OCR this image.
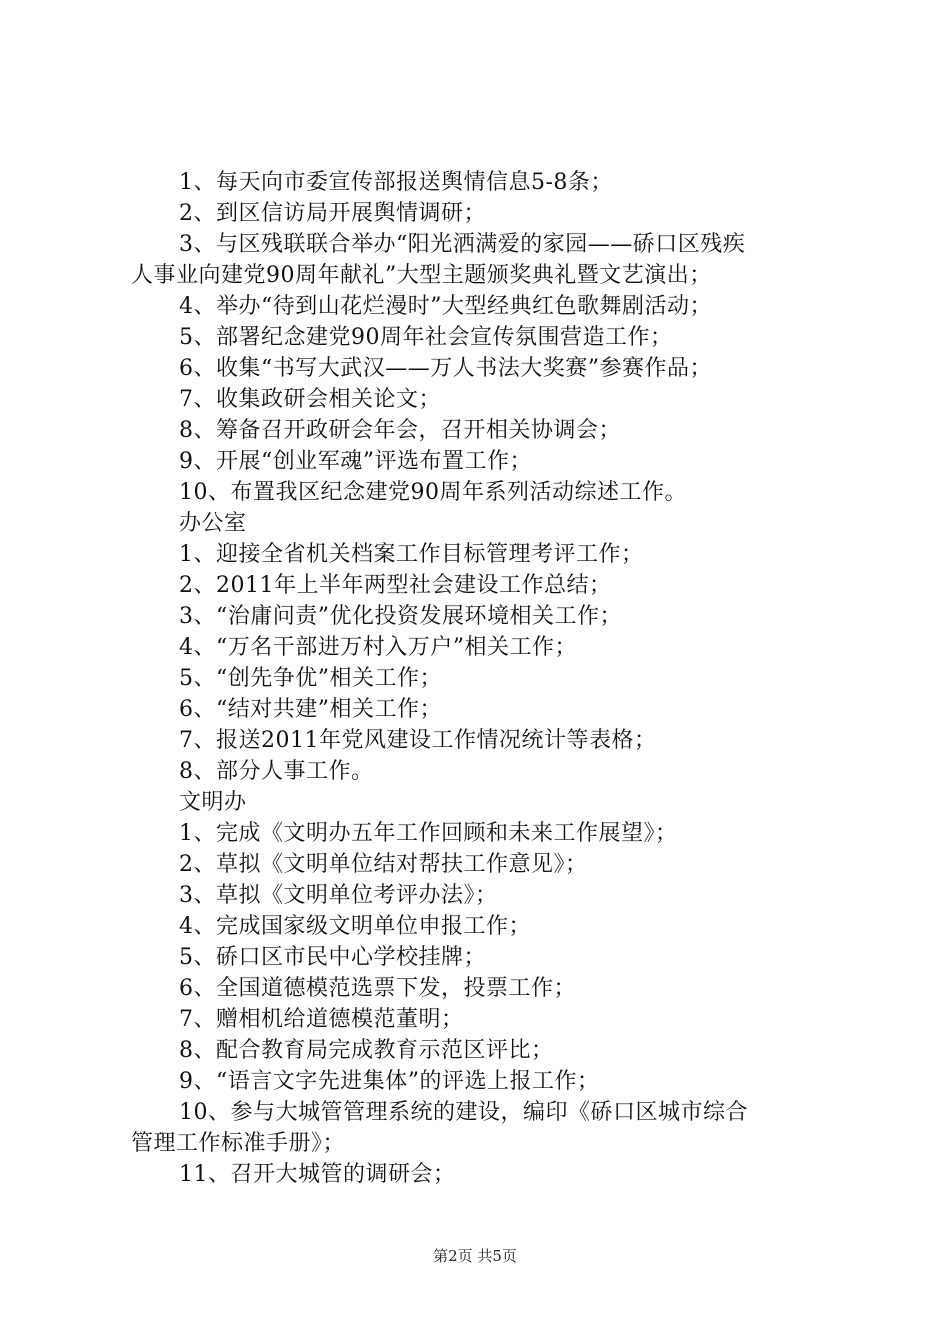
1、每天向市委宣传部报送舆情信息5-8条；
2、到区信访局开展舆情调研；
3、与区残联联合举办“阳光洒满爱的家园——硚口区残疾
人事业向建党90周年献礼”大型主题颁奖典礼暨文艺演出；
4、举办“待到山花烂漫时”大型经典红色歌舞剧活动；
5、部署纪念建党90周年社会宣传氛围营造工作；
6、收集“书写大武汉——万人书法大奖赛”参赛作品；
7、收集政研会相关论文；
8、筹备召开政研会年会，召开相关协调会；
9、开展“创业军魂”评选布置工作；
10、布置我区纪念建党90周年系列活动综述工作。
办公室
1、迎接全省机关档案工作目标管理考评工作；
2、2011年上半年两型社会建设工作总结；
3、“治庸问责”优化投资发展环境相关工作；
4、“万名干部进万村入万户”相关工作；
5、“创先争优”相关工作；
6、“结对共建”相关工作；
7、报送2011年党风建设工作情况统计等表格；
8、部分人事工作。
文明办
1、完成《文明办五年工作回顾和未来工作展望》；
2、草拟《文明单位结对帮扶工作意见》；
3、草拟《文明单位考评办法》；
4、完成国家级文明单位申报工作；
5、硚口区市民中心学校挂牌；
6、全国道德模范选票下发，投票工作；
7、赠相机给道德模范董明；
8、配合教育局完成教育示范区评比；
9、“语言文字先进集体”的评选上报工作；
10、参与大城管管理系统的建设，编印《硚口区城市综合
管理工作标准手册》；
11、召开大城管的调研会；
第2页 共5页
